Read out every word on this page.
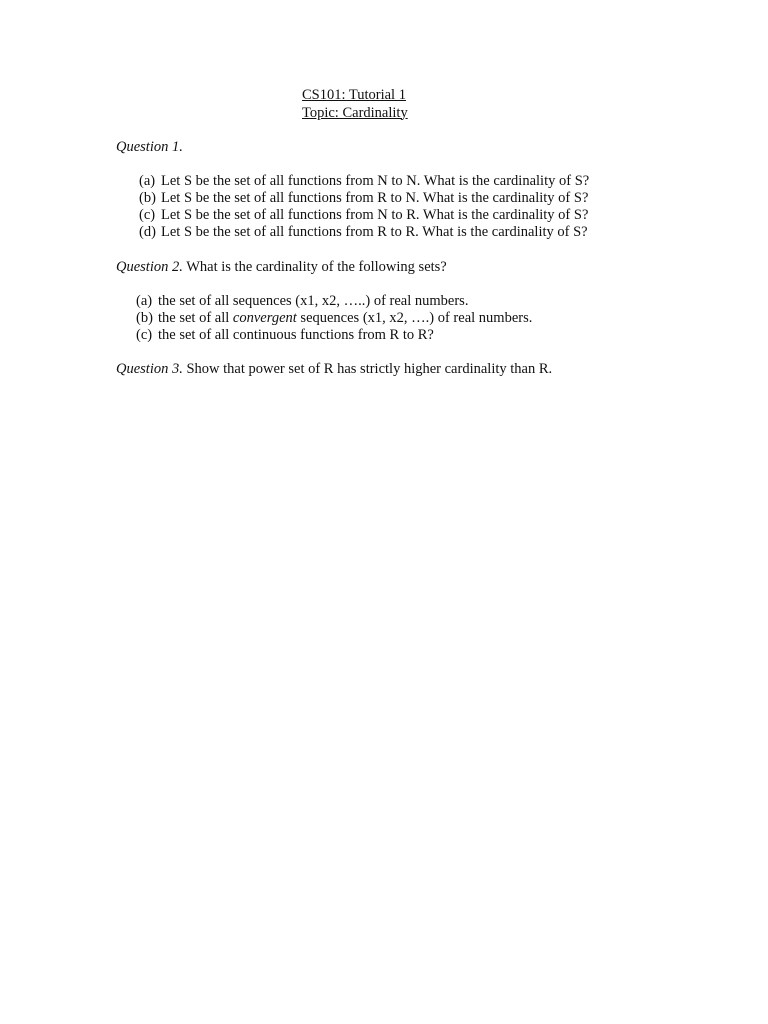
CS101: Tutorial 1
Topic: Cardinality
Question 1.
(a) Let S be the set of all functions from N to N. What is the cardinality of S?
(b) Let S be the set of all functions from R to N. What is the cardinality of S?
(c) Let S be the set of all functions from N to R. What is the cardinality of S?
(d) Let S be the set of all functions from R to R. What is the cardinality of S?
Question 2. What is the cardinality of the following sets?
(a) the set of all sequences (x1, x2, …..) of real numbers.
(b) the set of all convergent sequences (x1, x2, ….) of real numbers.
(c) the set of all continuous functions from R to R?
Question 3. Show that power set of R has strictly higher cardinality than R.
